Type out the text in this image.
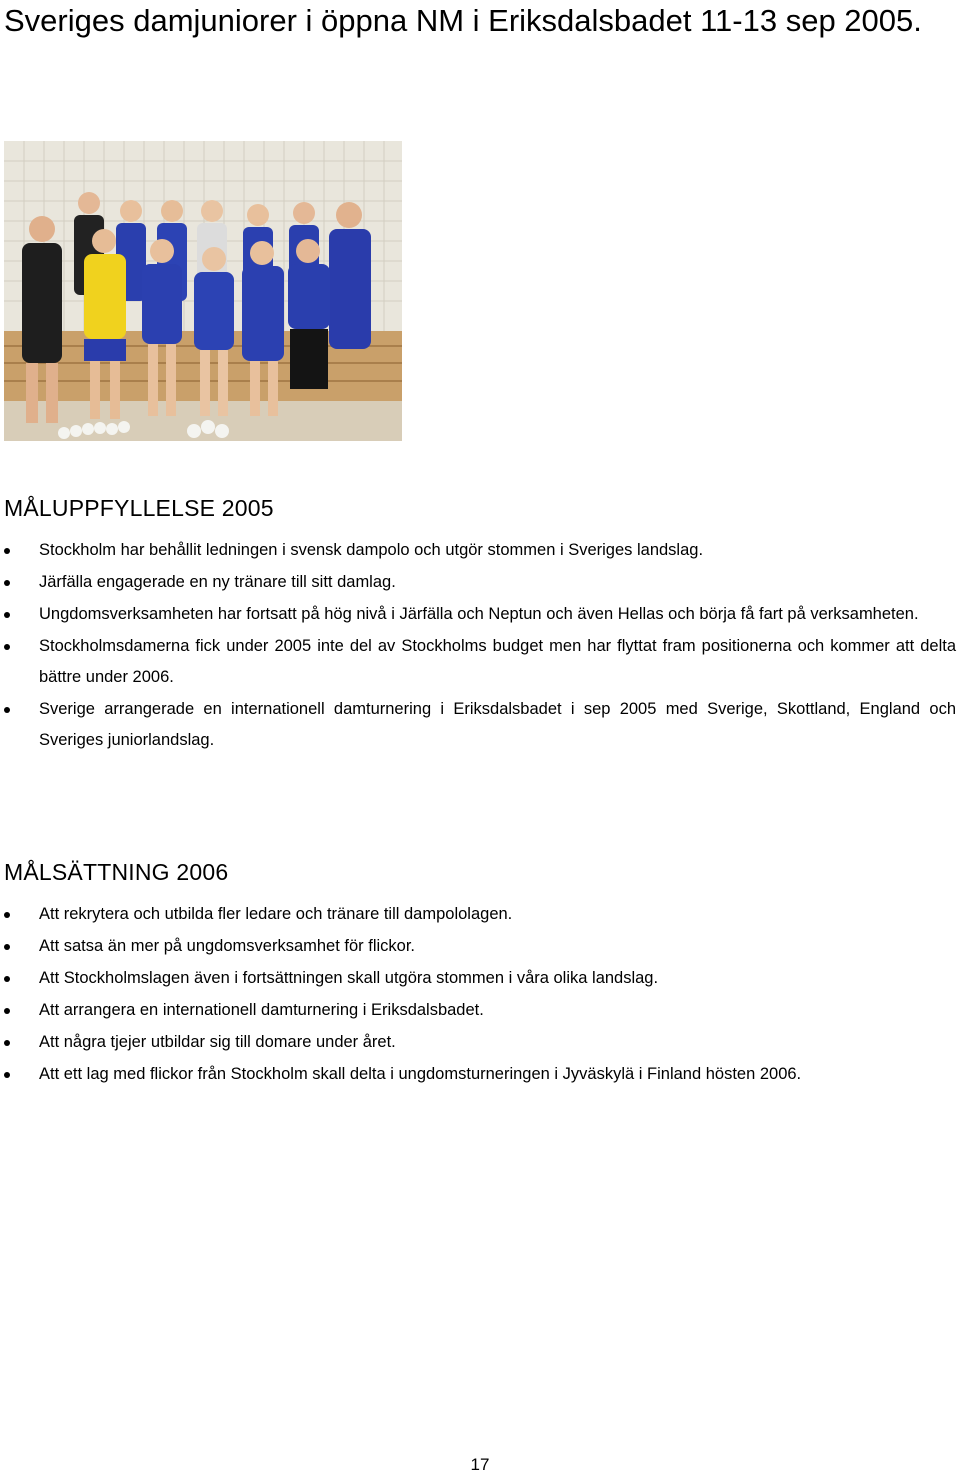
Sveriges damjuniorer i öppna NM i Eriksdalsbadet 11-13 sep 2005.
MÅLUPPFYLLELSE 2005
Stockholm har behållit ledningen i svensk dampolo och utgör stommen i Sveriges landslag.
Järfälla engagerade en ny tränare till sitt damlag.
Ungdomsverksamheten har fortsatt på hög nivå i Järfälla och Neptun och även Hellas och börja få fart på verksamheten.
Stockholmsdamerna fick under 2005 inte del av Stockholms budget men har flyttat fram positionerna och kommer att delta bättre under 2006.
Sverige arrangerade en internationell damturnering i Eriksdalsbadet i sep 2005 med Sverige, Skottland, England och Sveriges juniorlandslag.
MÅLSÄTTNING 2006
Att rekrytera och utbilda fler ledare och tränare till dampololagen.
Att satsa än mer på ungdomsverksamhet för flickor.
Att Stockholmslagen även i fortsättningen skall utgöra stommen i våra olika landslag.
Att arrangera en internationell damturnering i Eriksdalsbadet.
Att några tjejer utbildar sig till domare under året.
Att ett lag med flickor från Stockholm skall delta i ungdomsturneringen i Jyväskylä i Finland hösten 2006.
17
